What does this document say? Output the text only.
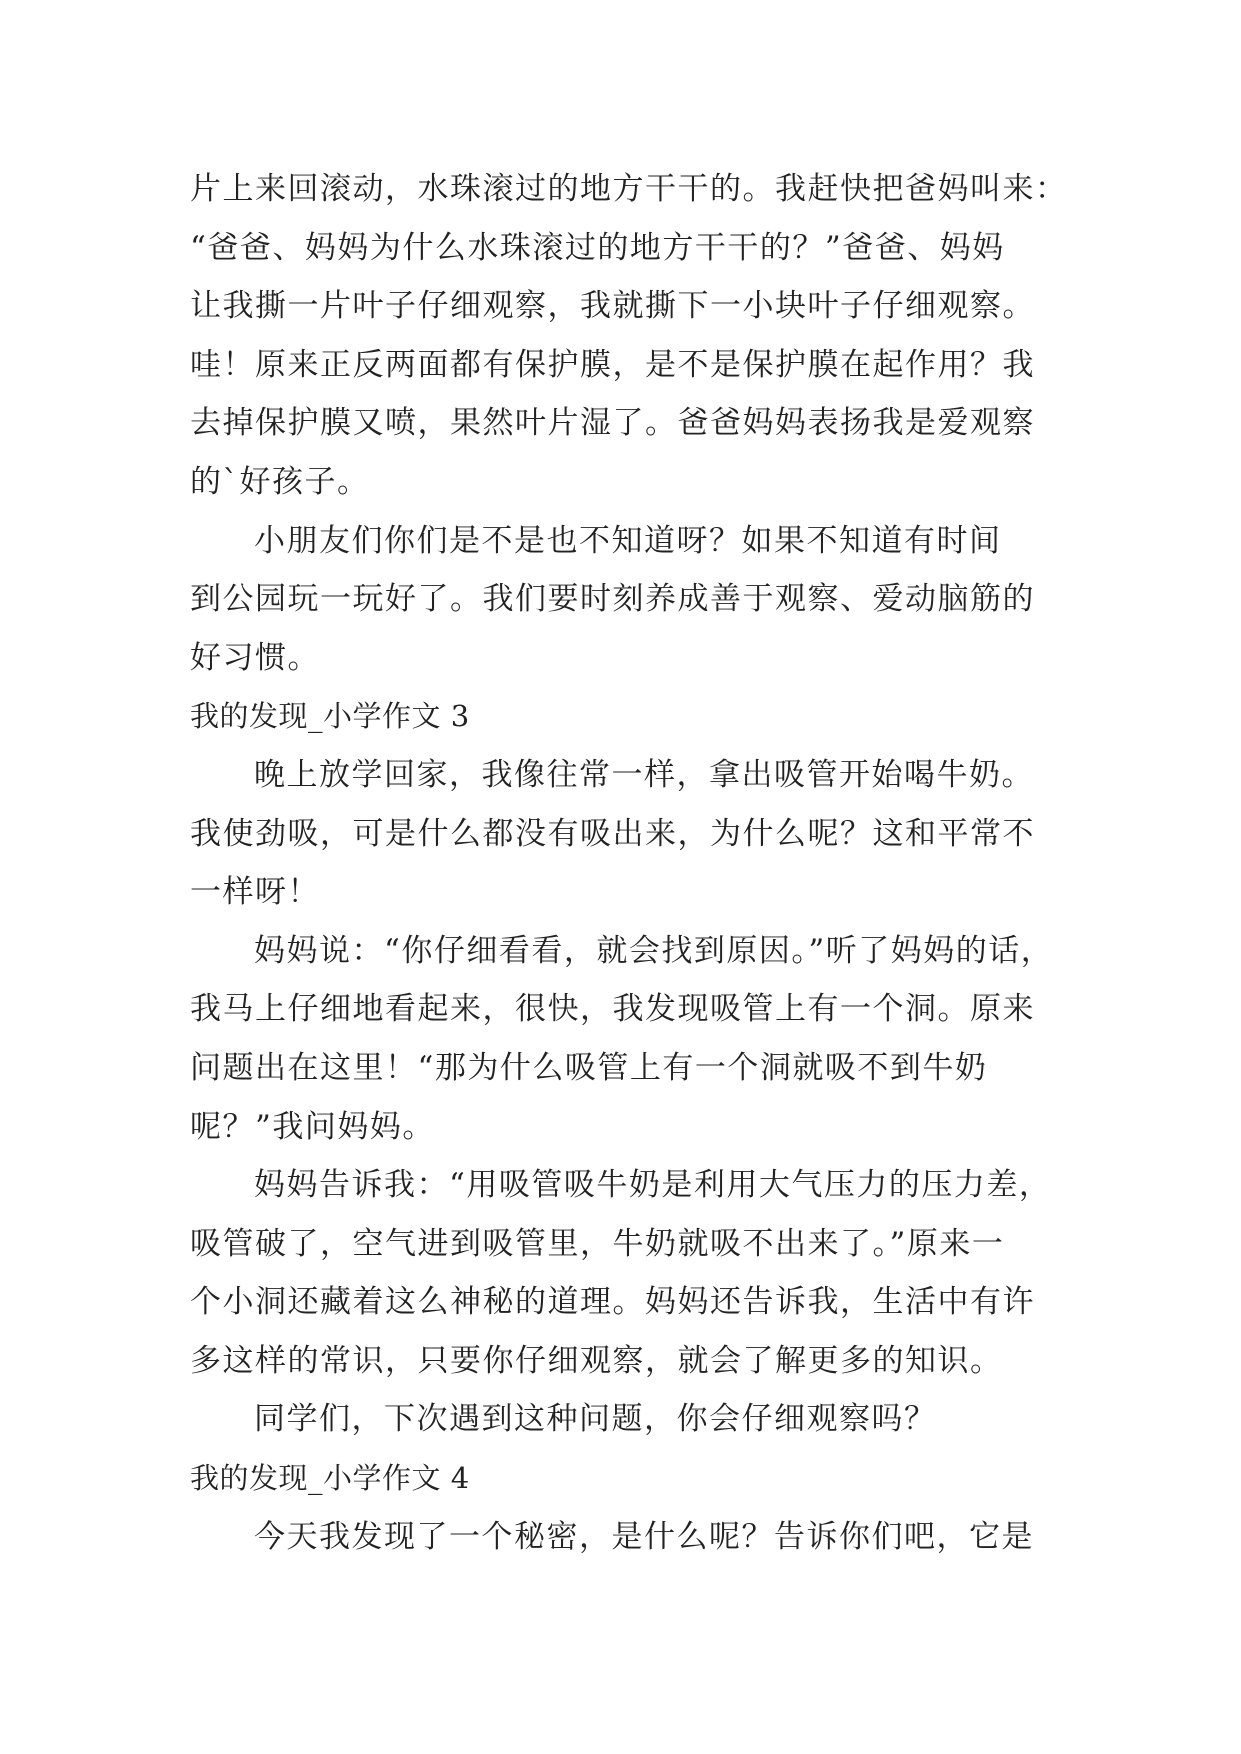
片上来回滚动，水珠滚过的地方干干的。我赶快把爸妈叫来：
“爸爸、妈妈为什么水珠滚过的地方干干的？”爸爸、妈妈
让我撕一片叶子仔细观察，我就撕下一小块叶子仔细观察。
哇！原来正反两面都有保护膜，是不是保护膜在起作用？我
去掉保护膜又喷，果然叶片湿了。爸爸妈妈表扬我是爱观察
的`好孩子。
小朋友们你们是不是也不知道呀？如果不知道有时间
到公园玩一玩好了。我们要时刻养成善于观察、爱动脑筋的
好习惯。
我的发现_小学作文 3
晚上放学回家，我像往常一样，拿出吸管开始喝牛奶。
我使劲吸，可是什么都没有吸出来，为什么呢？这和平常不
一样呀！
妈妈说：“你仔细看看，就会找到原因。”听了妈妈的话，
我马上仔细地看起来，很快，我发现吸管上有一个洞。原来
问题出在这里！“那为什么吸管上有一个洞就吸不到牛奶
呢？”我问妈妈。
妈妈告诉我：“用吸管吸牛奶是利用大气压力的压力差，
吸管破了，空气进到吸管里，牛奶就吸不出来了。”原来一
个小洞还藏着这么神秘的道理。妈妈还告诉我，生活中有许
多这样的常识，只要你仔细观察，就会了解更多的知识。
同学们，下次遇到这种问题，你会仔细观察吗？
我的发现_小学作文 4
今天我发现了一个秘密，是什么呢？告诉你们吧，它是
